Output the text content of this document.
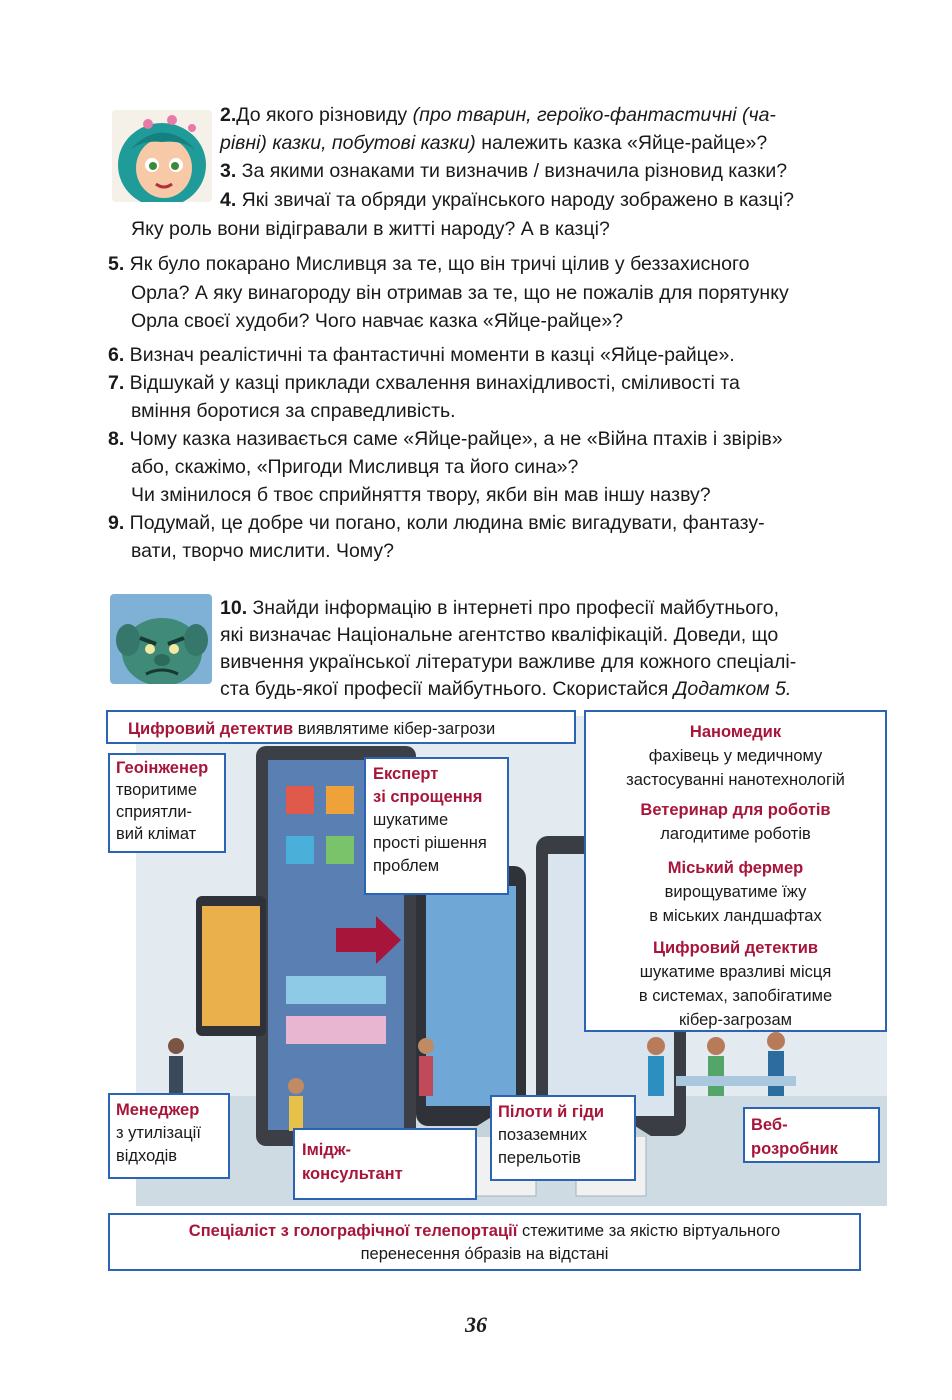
2.До якого різновиду (про тварин, героїко-фантастичні (ча-
рівні) казки, побутові казки) належить казка «Яйце-райце»?
3. За якими ознаками ти визначив / визначила різновид казки?
4. Які звичаї та обряди українського народу зображено в казці?
Яку роль вони відігравали в житті народу? А в казці?
5. Як було покарано Мисливця за те, що він тричі цілив у беззахисного
Орла? А яку винагороду він отримав за те, що не пожалів для порятунку
Орла своєї худоби? Чого навчає казка «Яйце-райце»?
6. Визнач реалістичні та фантастичні моменти в казці «Яйце-райце».
7. Відшукай у казці приклади схвалення винахідливості, сміливості та
вміння боротися за справедливість.
8. Чому казка називається саме «Яйце-райце», а не «Війна птахів і звірів»
або, скажімо, «Пригоди Мисливця та його сина»?
Чи змінилося б твоє сприйняття твору, якби він мав іншу назву?
9. Подумай, це добре чи погано, коли людина вміє вигадувати, фантазу-
вати, творчо мислити. Чому?
10. Знайди інформацію в інтернеті про професії майбутнього,
які визначає Національне агентство кваліфікацій. Доведи, що
вивчення української літератури важливе для кожного спеціалі-
ста будь-якої професії майбутнього. Скористайся Додатком 5.
Цифровий детектив виявлятиме кібер-загрози
Геоінженер
творитиме
сприятли-
вий клімат
Експерт
зі спрощення
шукатиме
прості рішення
проблем
Наномедик
фахівець у медичному
застосуванні нанотехнологій
Ветеринар для роботів
лагодитиме роботів
Міський фермер
вирощуватиме їжу
в міських ландшафтах
Цифровий детектив
шукатиме вразливі місця
в системах, запобігатиме
кібер-загрозам
Менеджер
з утилізації
відходів	Імідж-
консультант
Пілоти й гіди
позаземних
перельотів
Веб-
розробник
Спеціаліст з голографічної телепортації стежитиме за якістю віртуального
перенесення о́бразів на відстані
36
